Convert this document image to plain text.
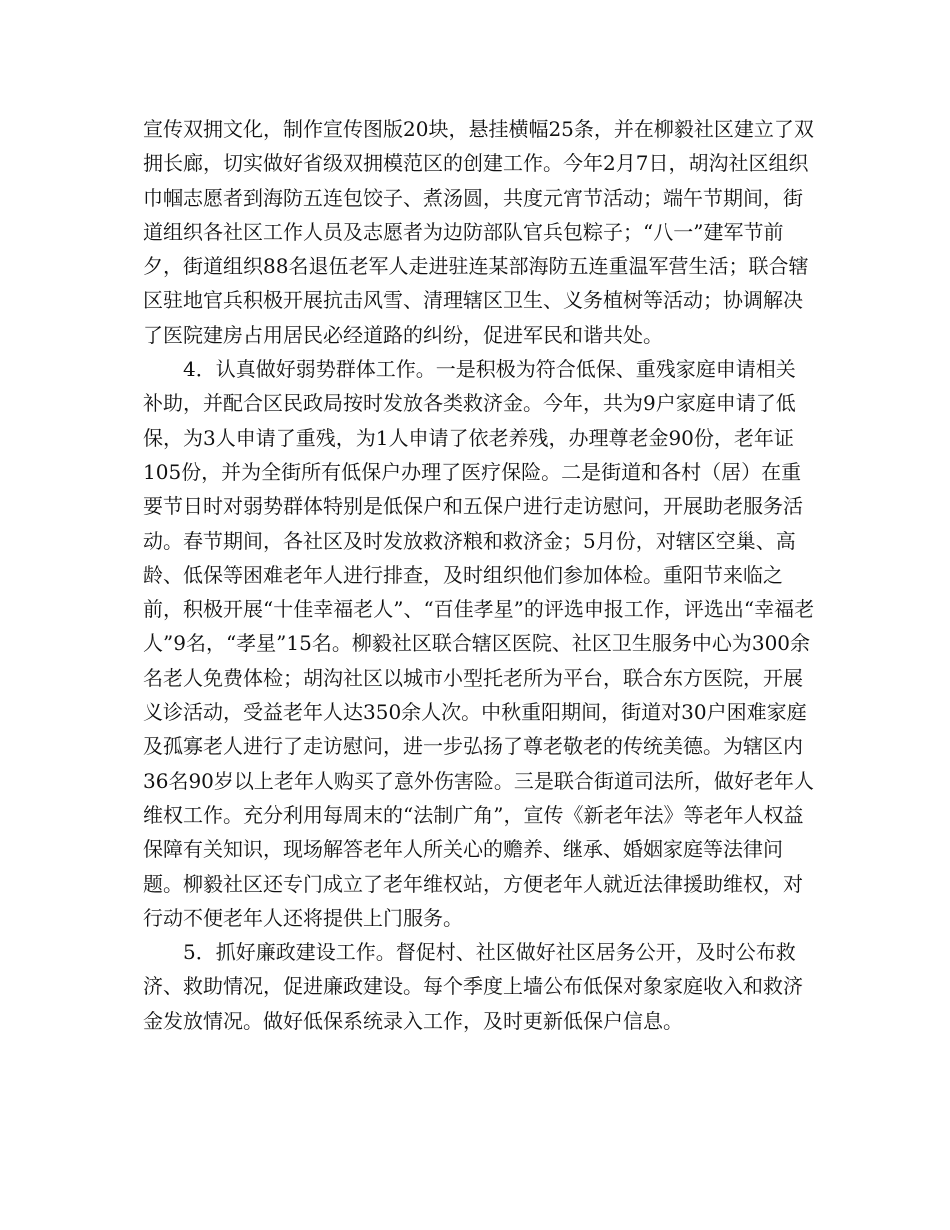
宣传双拥文化，制作宣传图版20块，悬挂横幅25条，并在柳毅社区建立了双拥长廊，切实做好省级双拥模范区的创建工作。今年2月7日，胡沟社区组织巾帼志愿者到海防五连包饺子、煮汤圆，共度元宵节活动；端午节期间，街道组织各社区工作人员及志愿者为边防部队官兵包粽子；“八一”建军节前夕，街道组织88名退伍老军人走进驻连某部海防五连重温军营生活；联合辖区驻地官兵积极开展抗击风雪、清理辖区卫生、义务植树等活动；协调解决了医院建房占用居民必经道路的纠纷，促进军民和谐共处。

4．认真做好弱势群体工作。一是积极为符合低保、重残家庭申请相关补助，并配合区民政局按时发放各类救济金。今年，共为9户家庭申请了低保，为3人申请了重残，为1人申请了依老养残，办理尊老金90份，老年证105份，并为全街所有低保户办理了医疗保险。二是街道和各村（居）在重要节日时对弱势群体特别是低保户和五保户进行走访慰问，开展助老服务活动。春节期间，各社区及时发放救济粮和救济金；5月份，对辖区空巢、高龄、低保等困难老年人进行排查，及时组织他们参加体检。重阳节来临之前，积极开展“十佳幸福老人”、“百佳孝星”的评选申报工作，评选出“幸福老人”9名，“孝星”15名。柳毅社区联合辖区医院、社区卫生服务中心为300余名老人免费体检；胡沟社区以城市小型托老所为平台，联合东方医院，开展义诊活动，受益老年人达350余人次。中秋重阳期间，街道对30户困难家庭及孤寡老人进行了走访慰问，进一步弘扬了尊老敬老的传统美德。为辖区内36名90岁以上老年人购买了意外伤害险。三是联合街道司法所，做好老年人维权工作。充分利用每周末的“法制广角”，宣传《新老年法》等老年人权益保障有关知识，现场解答老年人所关心的赡养、继承、婚姻家庭等法律问题。柳毅社区还专门成立了老年维权站，方便老年人就近法律援助维权，对行动不便老年人还将提供上门服务。

5．抓好廉政建设工作。督促村、社区做好社区居务公开，及时公布救济、救助情况，促进廉政建设。每个季度上墙公布低保对象家庭收入和救济金发放情况。做好低保系统录入工作，及时更新低保户信息。
